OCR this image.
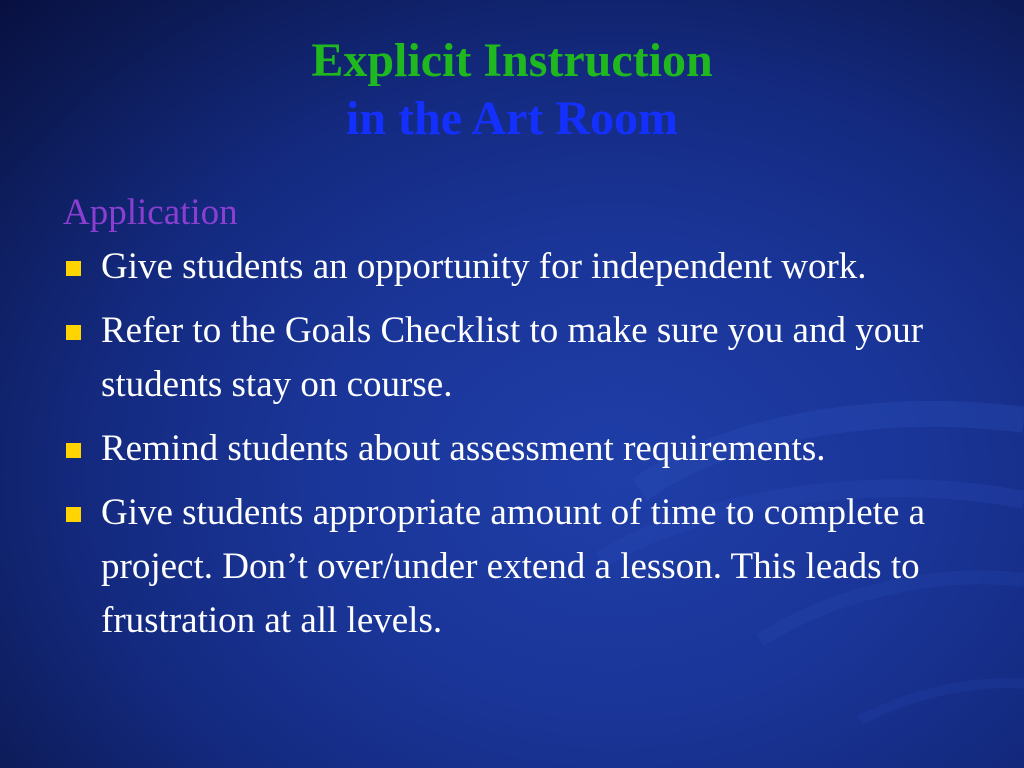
Explicit Instruction
in the Art Room
Application
Give students an opportunity for independent work.
Refer to the Goals Checklist to make sure you and your students stay on course.
Remind students about assessment requirements.
Give students appropriate amount of time to complete a project. Don’t over/under extend a lesson. This leads to frustration at all levels.
